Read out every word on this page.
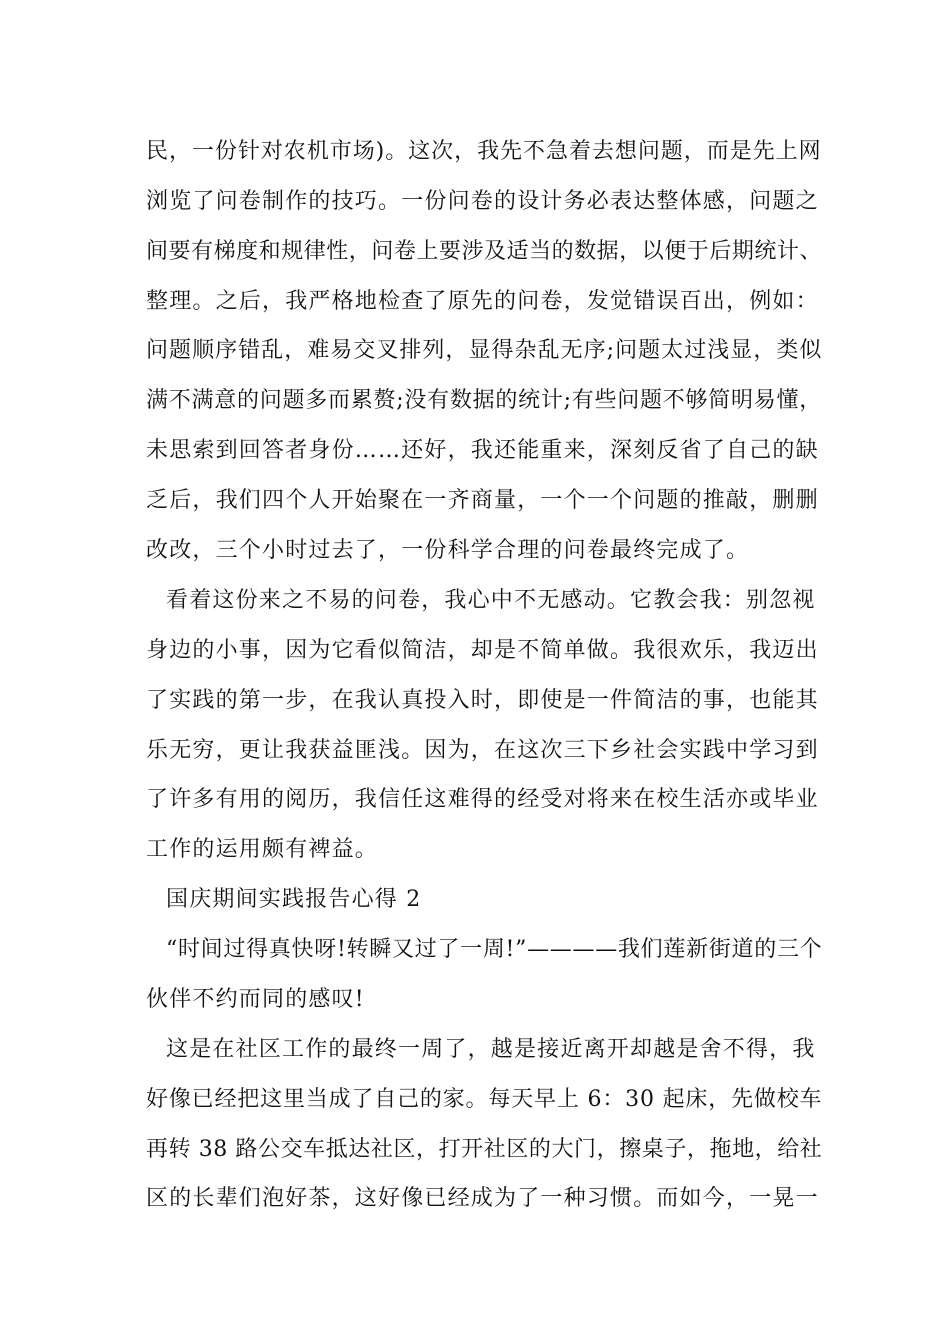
民，一份针对农机市场)。这次，我先不急着去想问题，而是先上网
浏览了问卷制作的技巧。一份问卷的设计务必表达整体感，问题之
间要有梯度和规律性，问卷上要涉及适当的数据，以便于后期统计、
整理。之后，我严格地检查了原先的问卷，发觉错误百出，例如：
问题顺序错乱，难易交叉排列，显得杂乱无序;问题太过浅显，类似
满不满意的问题多而累赘;没有数据的统计;有些问题不够简明易懂，
未思索到回答者身份……还好，我还能重来，深刻反省了自己的缺
乏后，我们四个人开始聚在一齐商量，一个一个问题的推敲，删删
改改，三个小时过去了，一份科学合理的问卷最终完成了。
看着这份来之不易的问卷，我心中不无感动。它教会我：别忽视
身边的小事，因为它看似简洁，却是不简单做。我很欢乐，我迈出
了实践的第一步，在我认真投入时，即使是一件简洁的事，也能其
乐无穷，更让我获益匪浅。因为，在这次三下乡社会实践中学习到
了许多有用的阅历，我信任这难得的经受对将来在校生活亦或毕业
工作的运用颇有裨益。
国庆期间实践报告心得 2
“时间过得真快呀!转瞬又过了一周!”————我们莲新街道的三个
伙伴不约而同的感叹!
这是在社区工作的最终一周了，越是接近离开却越是舍不得，我
好像已经把这里当成了自己的家。每天早上 6：30 起床，先做校车
再转 38 路公交车抵达社区，打开社区的大门，擦桌子，拖地，给社
区的长辈们泡好茶，这好像已经成为了一种习惯。而如今，一晃一
